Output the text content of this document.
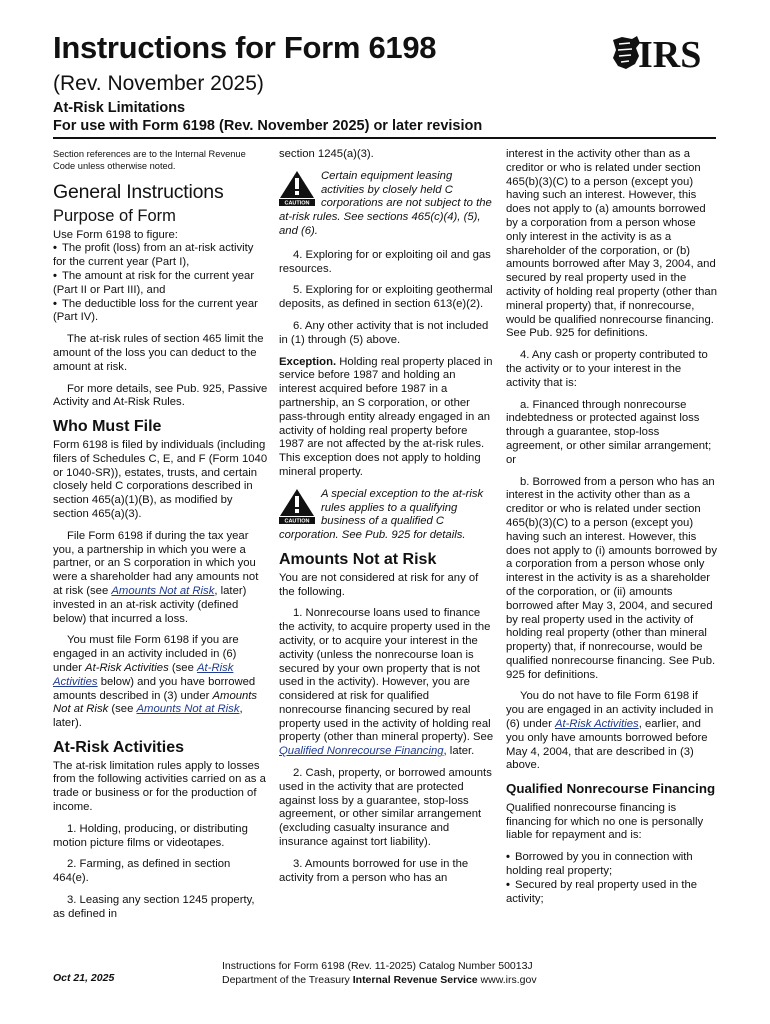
Instructions for Form 6198
(Rev. November 2025)
At-Risk Limitations
For use with Form 6198 (Rev. November 2025) or later revision
IRS

Section references are to the Internal Revenue Code unless otherwise noted.

General Instructions
Purpose of Form
Use Form 6198 to figure:
• The profit (loss) from an at-risk activity for the current year (Part I),
• The amount at risk for the current year (Part II or Part III), and
• The deductible loss for the current year (Part IV).

The at-risk rules of section 465 limit the amount of the loss you can deduct to the amount at risk.

For more details, see Pub. 925, Passive Activity and At-Risk Rules.

Who Must File

Form 6198 is filed by individuals (including filers of Schedules C, E, and F (Form 1040 or 1040-SR)), estates, trusts, and certain closely held C corporations described in section 465(a)(1)(B), as modified by section 465(a)(3).

File Form 6198 if during the tax year you, a partnership in which you were a partner, or an S corporation in which you were a shareholder had any amounts not at risk (see Amounts Not at Risk, later) invested in an at-risk activity (defined below) that incurred a loss.

You must file Form 6198 if you are engaged in an activity included in (6) under At-Risk Activities (see At-Risk Activities below) and you have borrowed amounts described in (3) under Amounts Not at Risk (see Amounts Not at Risk, later).

At-Risk Activities

The at-risk limitation rules apply to losses from the following activities carried on as a trade or business or for the production of income.

1. Holding, producing, or distributing motion picture films or videotapes.

2. Farming, as defined in section 464(e).

3. Leasing any section 1245 property, as defined in

section 1245(a)(3).

CAUTION
Certain equipment leasing activities by closely held C corporations are not subject to the at-risk rules. See sections 465(c)(4), (5), and (6).

4. Exploring for or exploiting oil and gas resources.

5. Exploring for or exploiting geothermal deposits, as defined in section 613(e)(2).

6. Any other activity that is not included in (1) through (5) above.

Exception. Holding real property placed in service before 1987 and holding an interest acquired before 1987 in a partnership, an S corporation, or other pass-through entity already engaged in an activity of holding real property before 1987 are not affected by the at-risk rules. This exception does not apply to holding mineral property.

CAUTION
A special exception to the at-risk rules applies to a qualifying business of a qualified C corporation. See Pub. 925 for details.
Amounts Not at Risk

You are not considered at risk for any of the following.

1. Nonrecourse loans used to finance the activity, to acquire property used in the activity, or to acquire your interest in the activity (unless the nonrecourse loan is secured by your own property that is not used in the activity). However, you are considered at risk for qualified nonrecourse financing secured by real property used in the activity of holding real property (other than mineral property). See Qualified Nonrecourse Financing, later.

2. Cash, property, or borrowed amounts used in the activity that are protected against loss by a guarantee, stop-loss agreement, or other similar arrangement (excluding casualty insurance and insurance against tort liability).

3. Amounts borrowed for use in the activity from a person who has an

interest in the activity other than as a creditor or who is related under section 465(b)(3)(C) to a person (except you) having such an interest. However, this does not apply to (a) amounts borrowed by a corporation from a person whose only interest in the activity is as a shareholder of the corporation, or (b) amounts borrowed after May 3, 2004, and secured by real property used in the activity of holding real property (other than mineral property) that, if nonrecourse, would be qualified nonrecourse financing. See Pub. 925 for definitions.

4. Any cash or property contributed to the activity or to your interest in the activity that is:

a. Financed through nonrecourse indebtedness or protected against loss through a guarantee, stop-loss agreement, or other similar arrangement; or

b. Borrowed from a person who has an interest in the activity other than as a creditor or who is related under section 465(b)(3)(C) to a person (except you) having such an interest. However, this does not apply to (i) amounts borrowed by a corporation from a person whose only interest in the activity is as a shareholder of the corporation, or (ii) amounts borrowed after May 3, 2004, and secured by real property used in the activity of holding real property (other than mineral property) that, if nonrecourse, would be qualified nonrecourse financing. See Pub. 925 for definitions.

You do not have to file Form 6198 if you are engaged in an activity included in (6) under At-Risk Activities, earlier, and you only have amounts borrowed before May 4, 2004, that are described in (3) above.

Qualified Nonrecourse Financing

Qualified nonrecourse financing is financing for which no one is personally liable for repayment and is:

• Borrowed by you in connection with holding real property;
• Secured by real property used in the activity;
Oct 21, 2025
Instructions for Form 6198 (Rev. 11-2025) Catalog Number 50013J
Department of the Treasury Internal Revenue Service www.irs.gov
